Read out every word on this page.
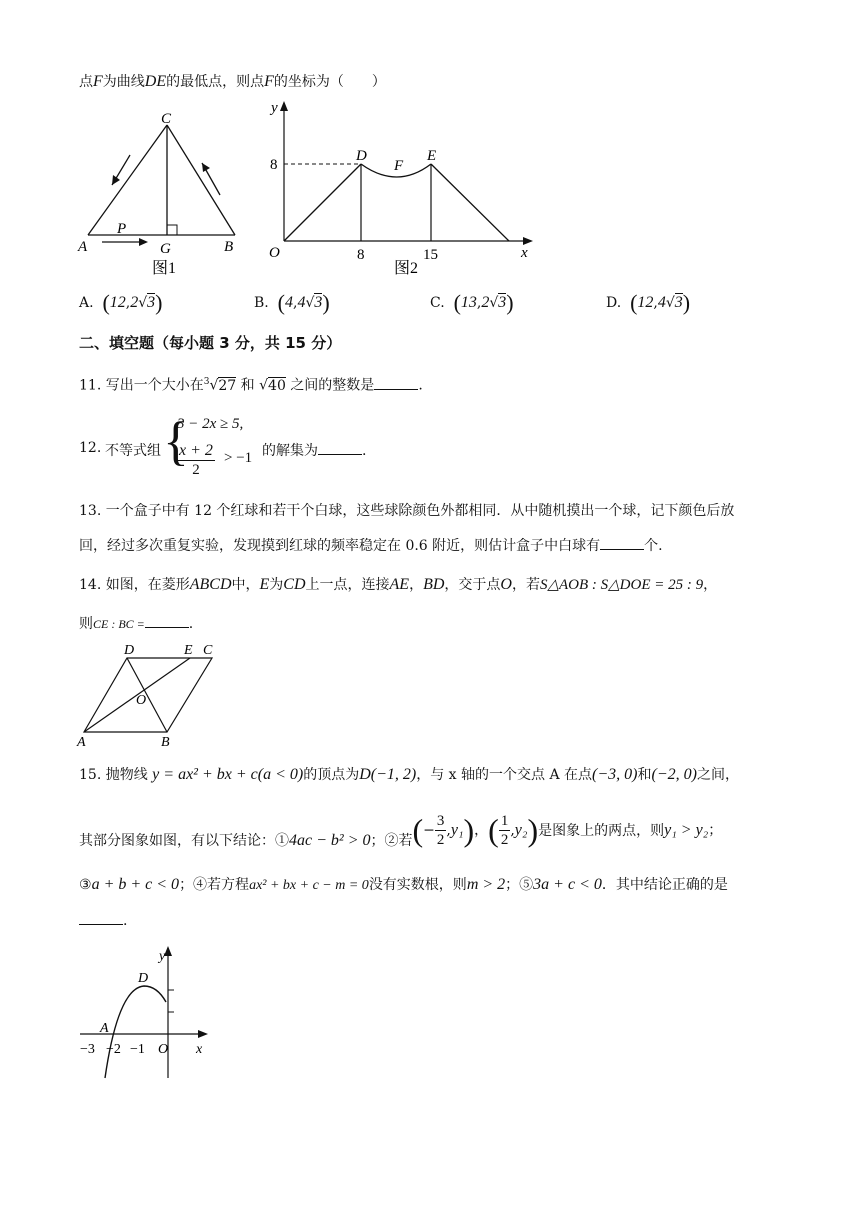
点F为曲线DE的最低点，则点F的坐标为（　　）
C
A	B
G
P
图1
y
x
O
8
8	15
D	E
F
图2
A. (12,2√3)	B. (4,4√3)	C. (13,2√3)	D. (12,4√3)
二、填空题（每小题 3 分，共 15 分）
11. 写出一个大小在$^3$√27 和 √40 之间的整数是	.
12. 不等式组 {
3 − 2x ≥ 5,
$\frac{x + 2}{2} > -1$ 的解集为	.
13. 一个盒子中有 12 个红球和若干个白球，这些球除颜色外都相同．从中随机摸出一个球，记下颜色后放
回，经过多次重复实验，发现摸到红球的频率稳定在 0.6 附近，则估计盒子中白球有	个.
14. 如图，在菱形ABCD中，E为CD上一点，连接AE，BD，交于点O，若S△AOB : S△DOE = 25 : 9，
则CE : BC =	.
D	E C
O
A	B
15. 抛物线 y = ax² + bx + c(a < 0)的顶点为D(−1, 2)，与 x 轴的一个交点 A 在点(−3, 0)和(−2, 0)之间，
其部分图象如图，有以下结论：①4ac − b² > 0；②若(− $\frac{3}{2} ,y_1$)，( $\frac{1}{2} ,y_2$)是图象上的两点，则y₁ > y₂；
③a + b + c < 0；④若方程ax² + bx + c − m = 0没有实数根，则m > 2；⑤3a + c < 0．其中结论正确的是
.
y
x
D
A
O
−3 −2 −1
